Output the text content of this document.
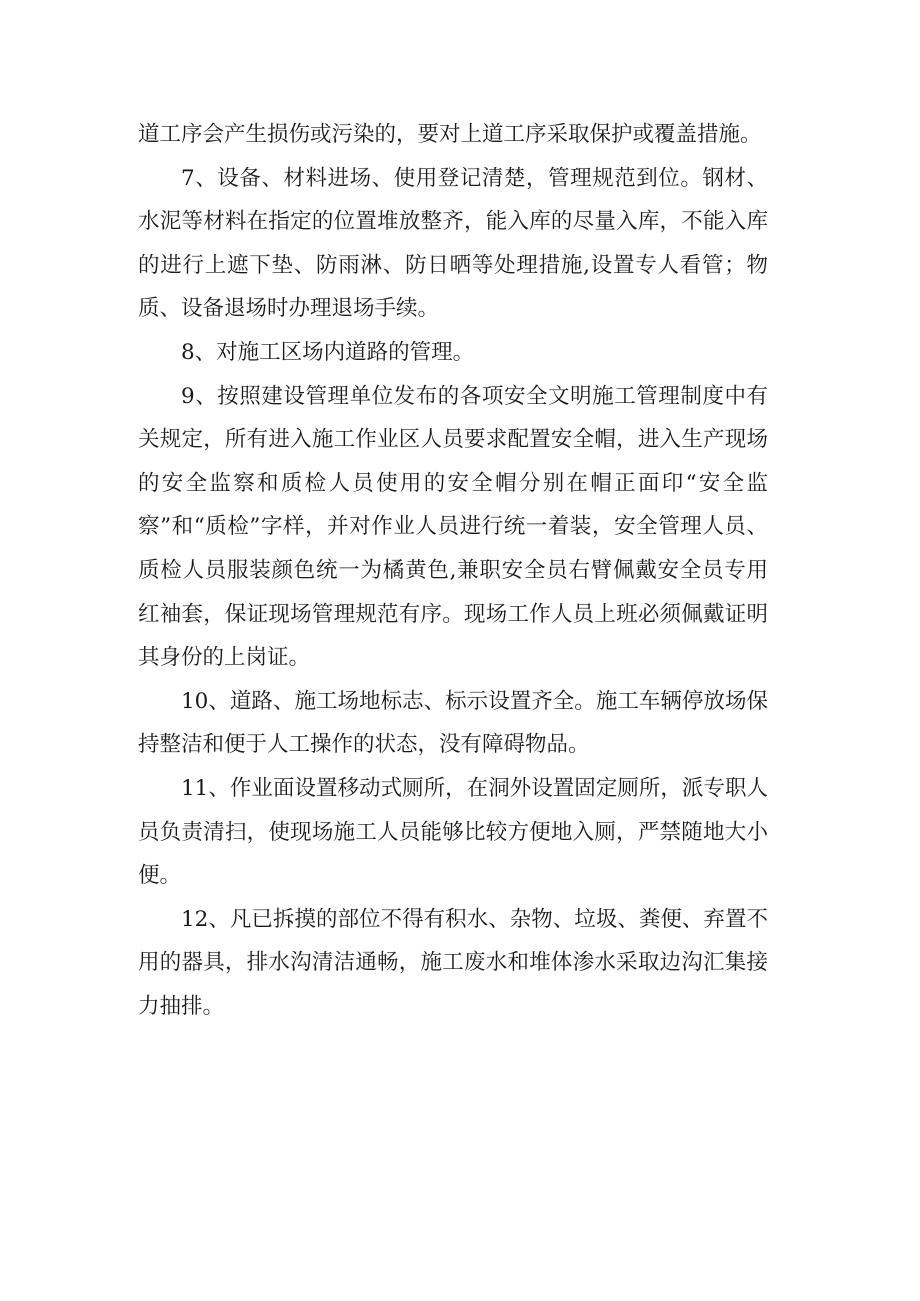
道工序会产生损伤或污染的，要对上道工序采取保护或覆盖措施。

7、设备、材料进场、使用登记清楚，管理规范到位。钢材、水泥等材料在指定的位置堆放整齐，能入库的尽量入库，不能入库的进行上遮下垫、防雨淋、防日晒等处理措施,设置专人看管；物质、设备退场时办理退场手续。

8、对施工区场内道路的管理。

9、按照建设管理单位发布的各项安全文明施工管理制度中有关规定，所有进入施工作业区人员要求配置安全帽，进入生产现场的安全监察和质检人员使用的安全帽分别在帽正面印“安全监察”和“质检”字样，并对作业人员进行统一着装，安全管理人员、质检人员服装颜色统一为橘黄色,兼职安全员右臂佩戴安全员专用红袖套，保证现场管理规范有序。现场工作人员上班必须佩戴证明其身份的上岗证。

10、道路、施工场地标志、标示设置齐全。施工车辆停放场保持整洁和便于人工操作的状态，没有障碍物品。

11、作业面设置移动式厕所，在洞外设置固定厕所，派专职人员负责清扫，使现场施工人员能够比较方便地入厕，严禁随地大小便。

12、凡已拆摸的部位不得有积水、杂物、垃圾、粪便、弃置不用的器具，排水沟清洁通畅，施工废水和堆体渗水采取边沟汇集接力抽排。
